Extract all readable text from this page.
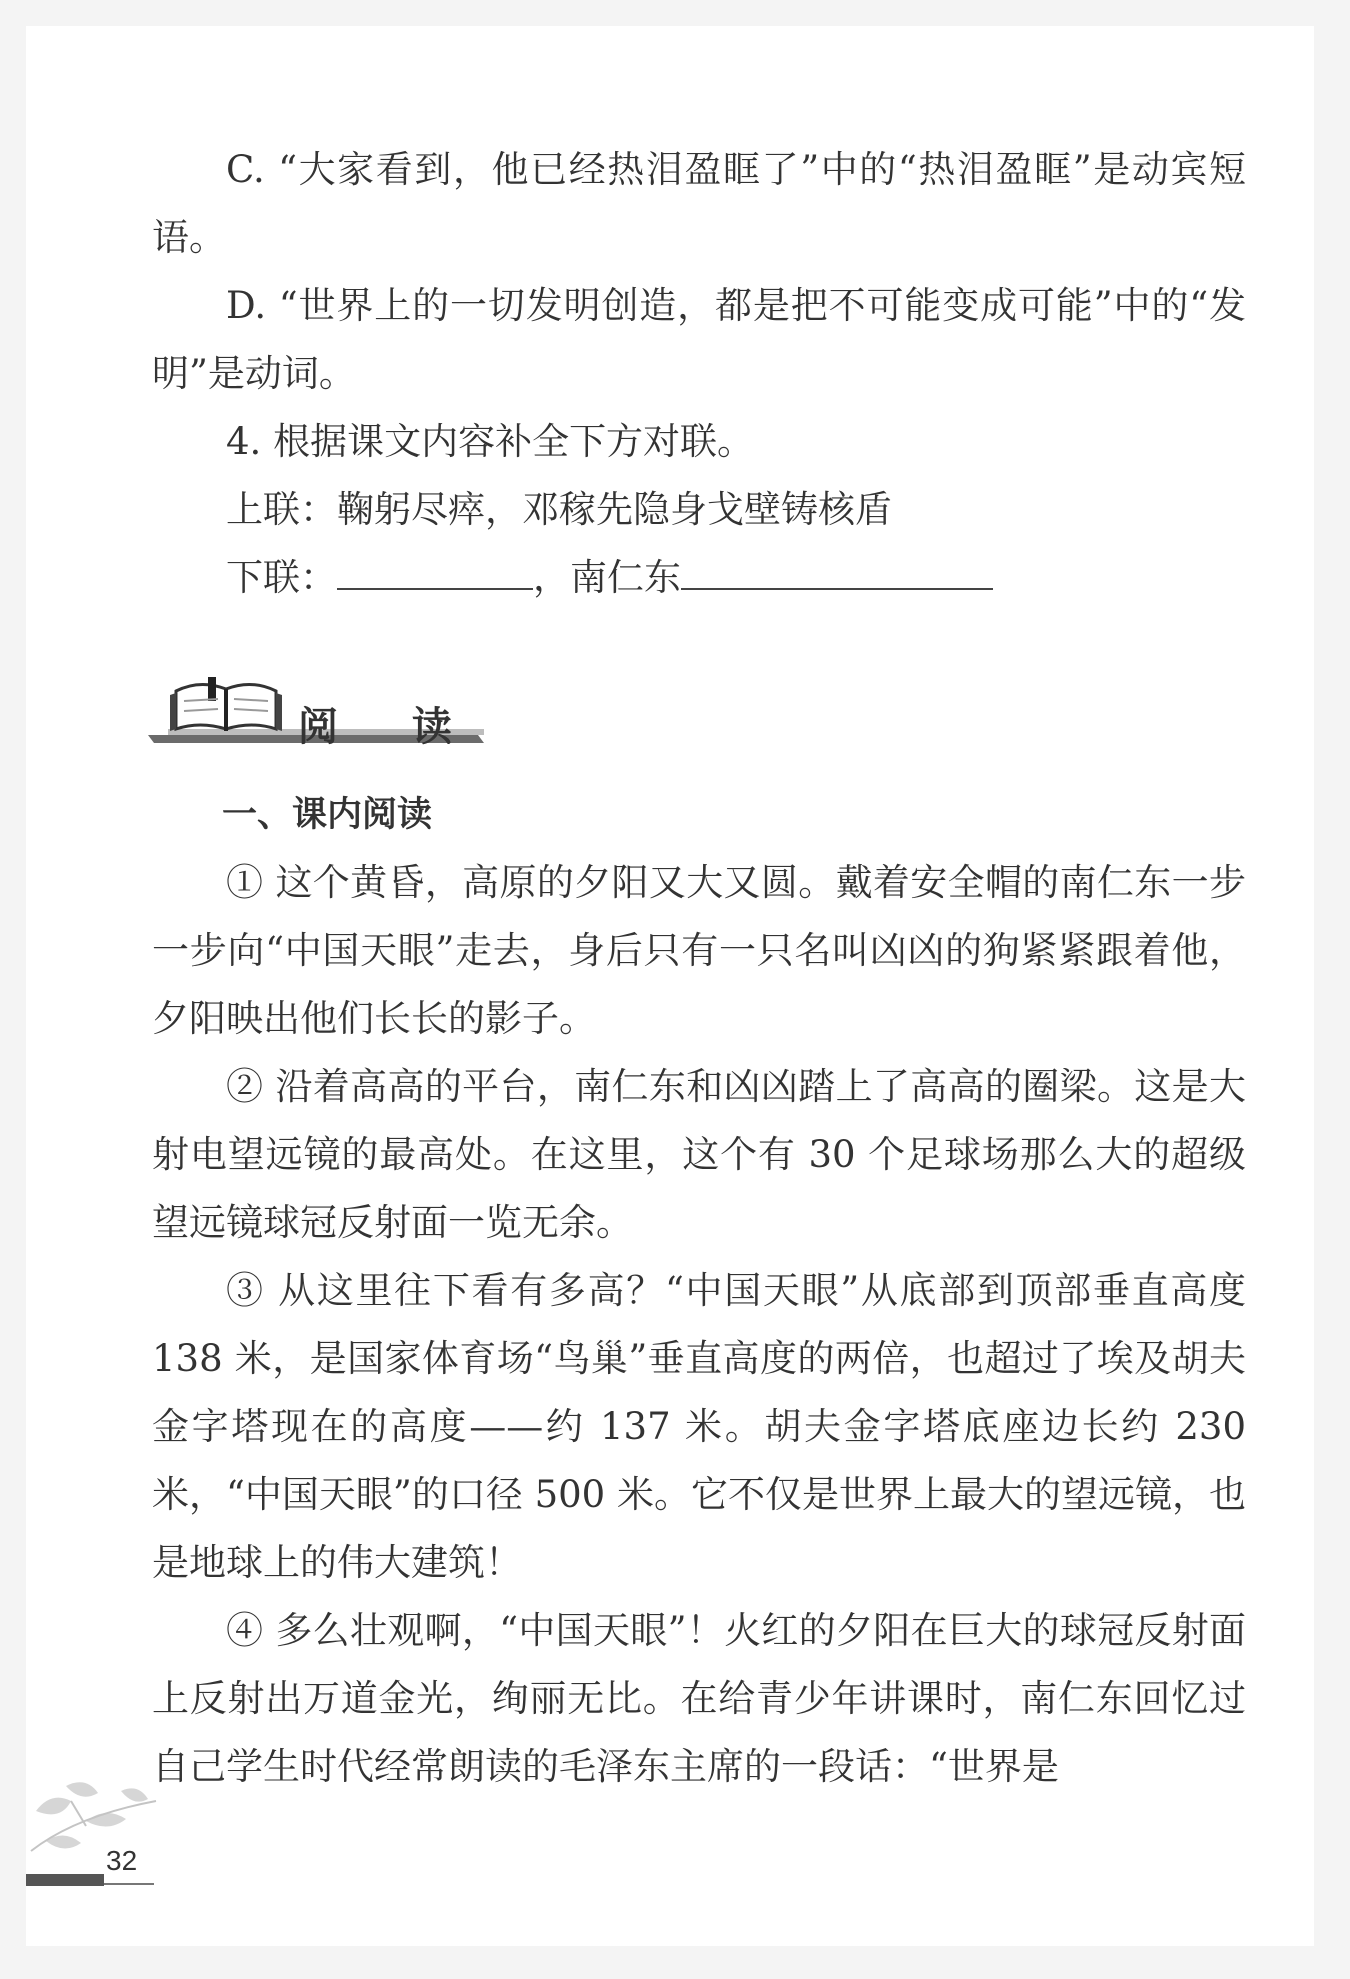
C. “大家看到，他已经热泪盈眶了”中的“热泪盈眶”是动宾短语。

D. “世界上的一切发明创造，都是把不可能变成可能”中的“发明”是动词。

4. 根据课文内容补全下方对联。

上联：鞠躬尽瘁，邓稼先隐身戈壁铸核盾

下联：	，南仁东

阅 读

一、课内阅读

① 这个黄昏，高原的夕阳又大又圆。戴着安全帽的南仁东一步一步向“中国天眼”走去，身后只有一只名叫凶凶的狗紧紧跟着他，夕阳映出他们长长的影子。

② 沿着高高的平台，南仁东和凶凶踏上了高高的圈梁。这是大射电望远镜的最高处。在这里，这个有 30 个足球场那么大的超级望远镜球冠反射面一览无余。

③ 从这里往下看有多高？“中国天眼”从底部到顶部垂直高度 138 米，是国家体育场“鸟巢”垂直高度的两倍，也超过了埃及胡夫金字塔现在的高度——约 137 米。胡夫金字塔底座边长约 230 米，“中国天眼”的口径 500 米。它不仅是世界上最大的望远镜，也是地球上的伟大建筑！

④ 多么壮观啊，“中国天眼”！火红的夕阳在巨大的球冠反射面上反射出万道金光，绚丽无比。在给青少年讲课时，南仁东回忆过自己学生时代经常朗读的毛泽东主席的一段话：“世界是

32
